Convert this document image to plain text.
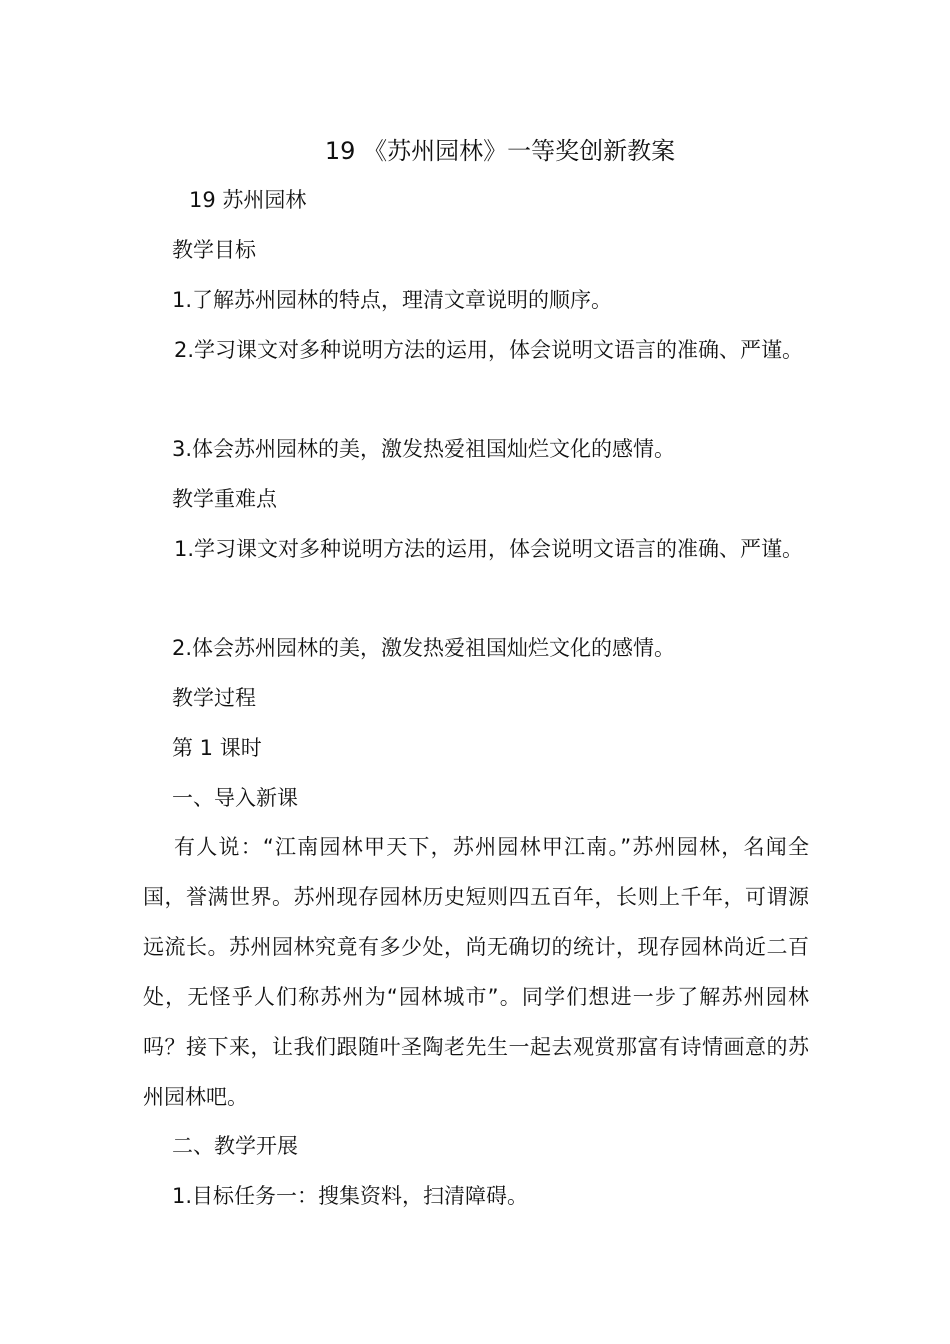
19 《苏州园林》一等奖创新教案
19 苏州园林
教学目标
1.了解苏州园林的特点，理清文章说明的顺序。
2.学习课文对多种说明方法的运用，体会说明文语言的准确、严谨。
3.体会苏州园林的美，激发热爱祖国灿烂文化的感情。
教学重难点
1.学习课文对多种说明方法的运用，体会说明文语言的准确、严谨。
2.体会苏州园林的美，激发热爱祖国灿烂文化的感情。
教学过程
第 1 课时
一、导入新课
有人说：“江南园林甲天下，苏州园林甲江南。”苏州园林，名闻全国，誉满世界。苏州现存园林历史短则四五百年，长则上千年，可谓源远流长。苏州园林究竟有多少处，尚无确切的统计，现存园林尚近二百处，无怪乎人们称苏州为“园林城市”。同学们想进一步了解苏州园林吗？接下来，让我们跟随叶圣陶老先生一起去观赏那富有诗情画意的苏州园林吧。
二、教学开展
1.目标任务一：搜集资料，扫清障碍。
